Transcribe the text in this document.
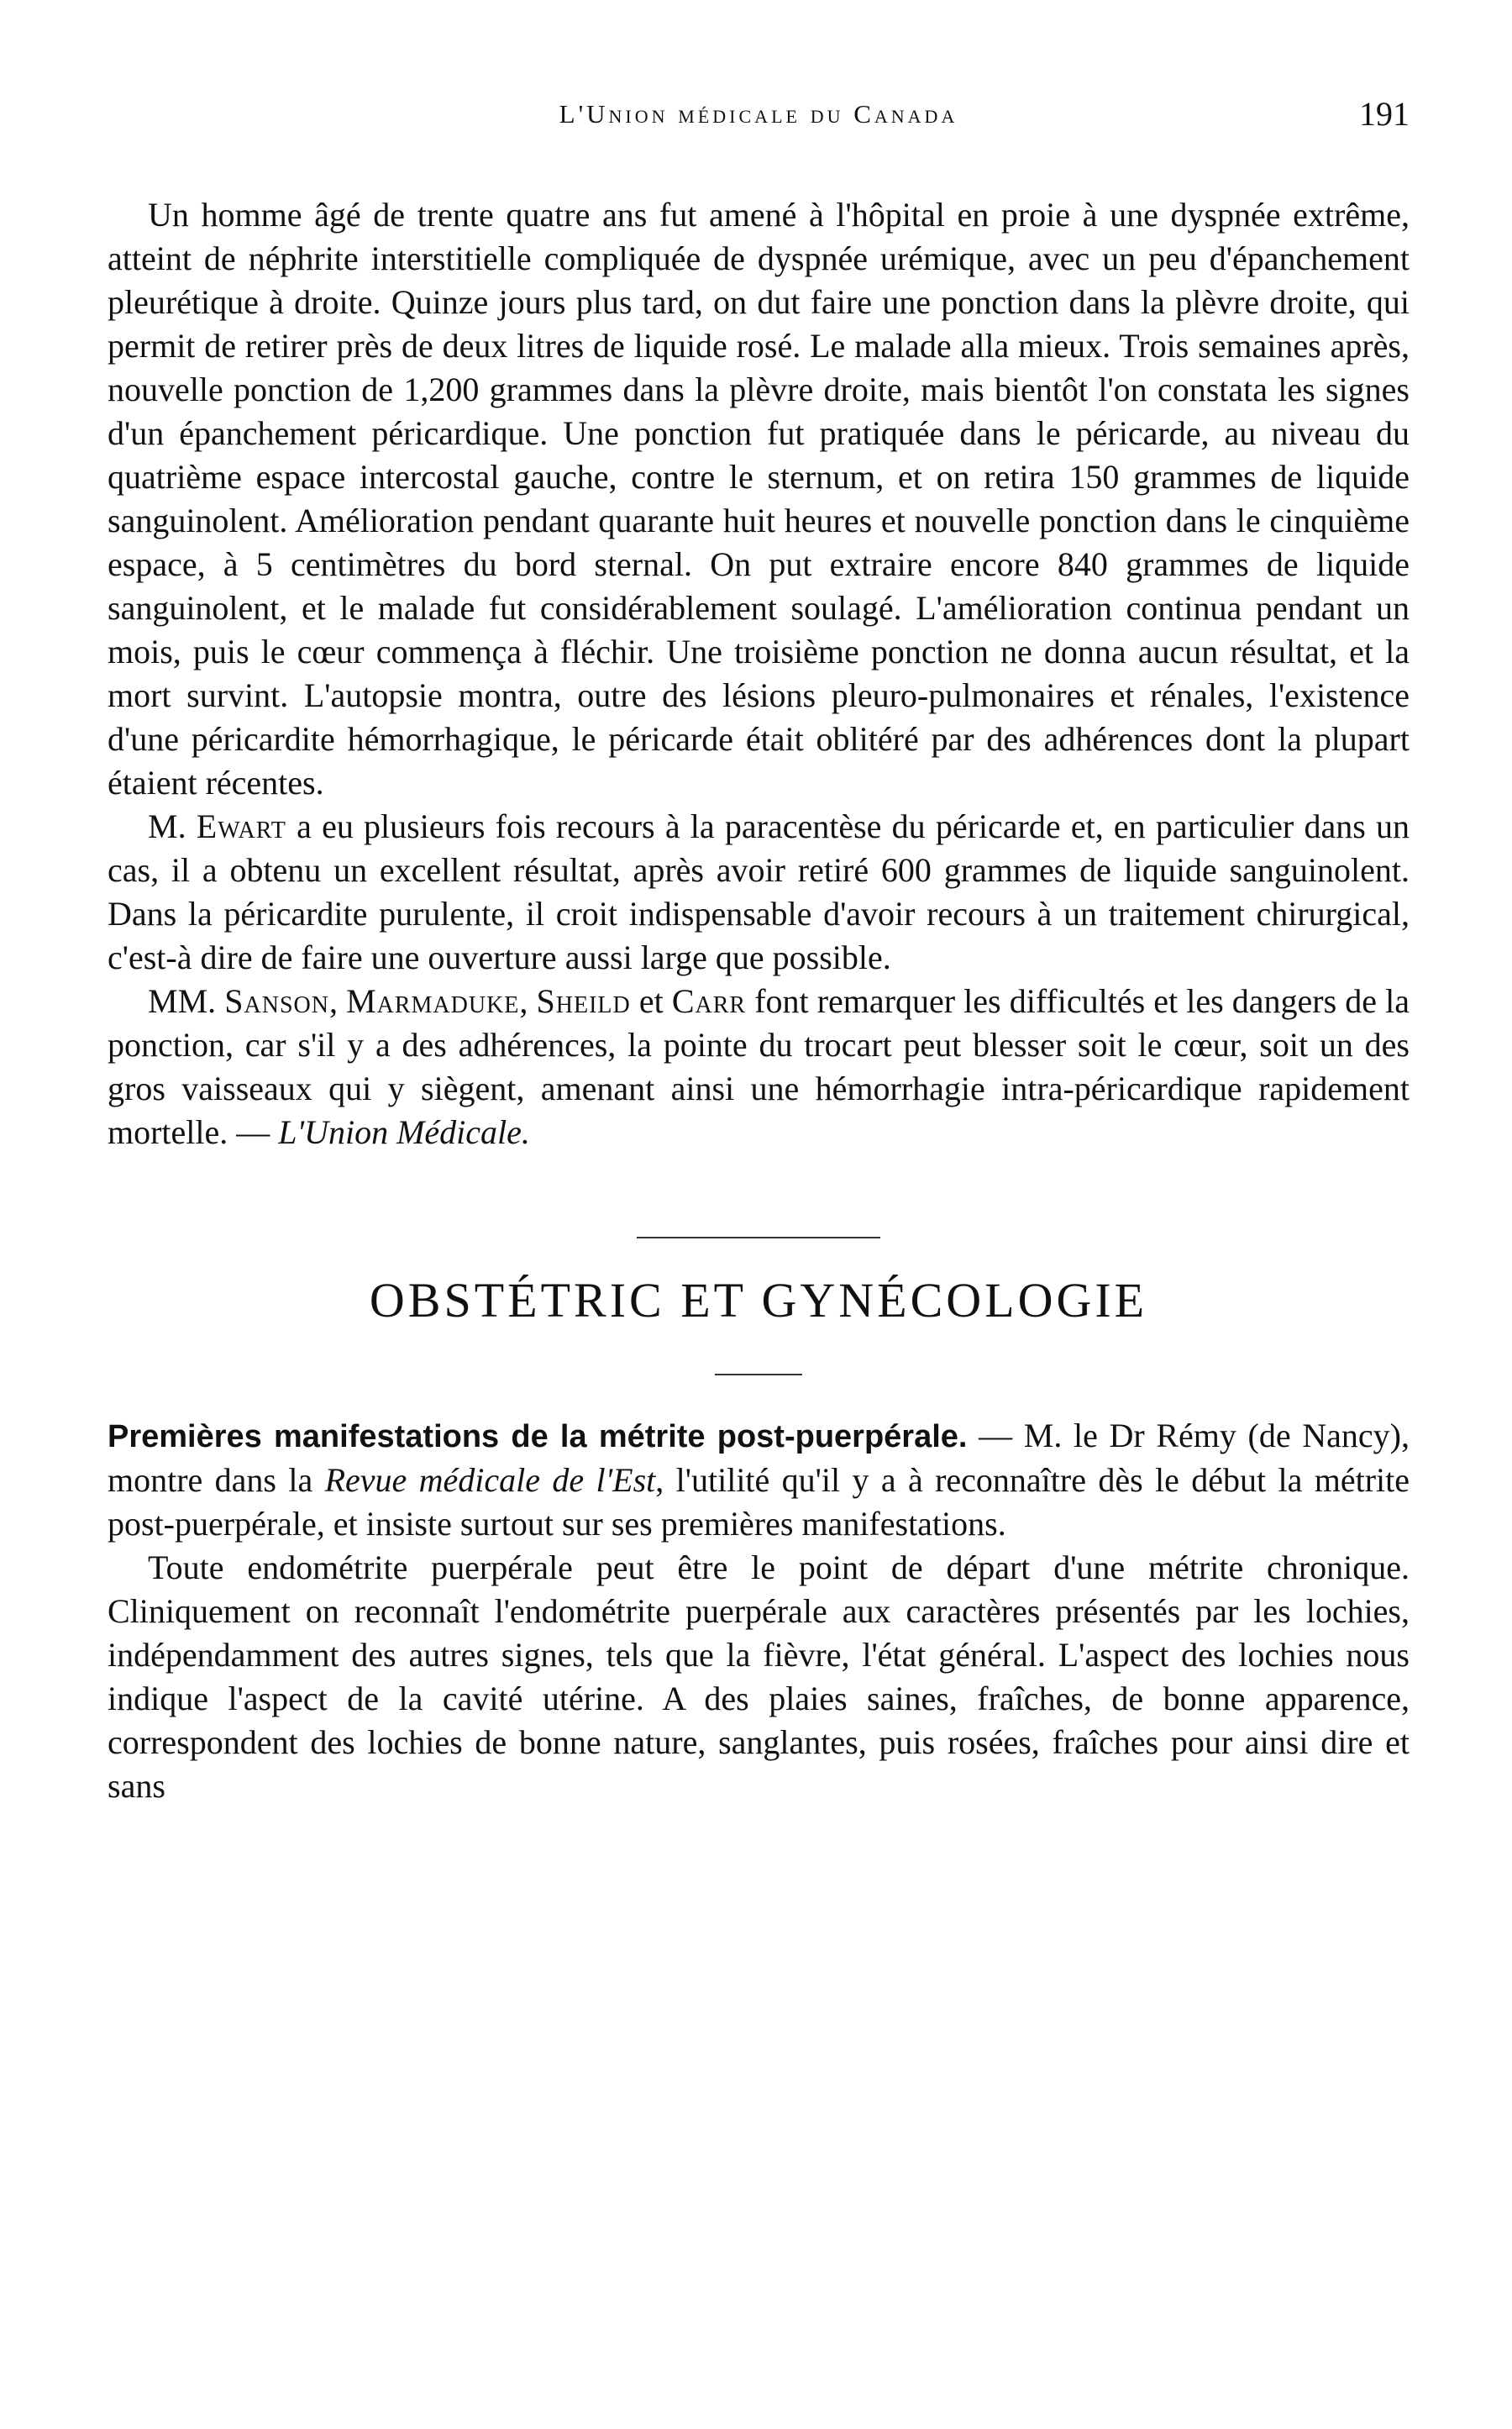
L'Union médicale du Canada	191

Un homme âgé de trente quatre ans fut amené à l'hôpital en proie à une dyspnée extrême, atteint de néphrite interstitielle compliquée de dyspnée urémique, avec un peu d'épanchement pleurétique à droite. Quinze jours plus tard, on dut faire une ponction dans la plèvre droite, qui permit de retirer près de deux litres de liquide rosé. Le malade alla mieux. Trois semaines après, nouvelle ponction de 1,200 grammes dans la plèvre droite, mais bientôt l'on constata les signes d'un épanchement péricardique. Une ponction fut pratiquée dans le péricarde, au niveau du quatrième espace intercostal gauche, contre le sternum, et on retira 150 grammes de liquide sanguinolent. Amélioration pendant quarante huit heures et nouvelle ponction dans le cinquième espace, à 5 centimètres du bord sternal. On put extraire encore 840 grammes de liquide sanguinolent, et le malade fut considérablement soulagé. L'amélioration continua pendant un mois, puis le cœur commença à fléchir. Une troisième ponction ne donna aucun résultat, et la mort survint. L'autopsie montra, outre des lésions pleuro-pulmonaires et rénales, l'existence d'une péricardite hémorrhagique, le péricarde était oblitéré par des adhérences dont la plupart étaient récentes.

M. Ewart a eu plusieurs fois recours à la paracentèse du péricarde et, en particulier dans un cas, il a obtenu un excellent résultat, après avoir retiré 600 grammes de liquide sanguinolent. Dans la péricardite purulente, il croit indispensable d'avoir recours à un traitement chirurgical, c'est-à dire de faire une ouverture aussi large que possible.

MM. Sanson, Marmaduke, Sheild et Carr font remarquer les difficultés et les dangers de la ponction, car s'il y a des adhérences, la pointe du trocart peut blesser soit le cœur, soit un des gros vaisseaux qui y siègent, amenant ainsi une hémorrhagie intra-péricardique rapidement mortelle. — L'Union Médicale.

OBSTÉTRIC ET GYNÉCOLOGIE

Premières manifestations de la métrite post-puerpérale. — M. le Dr Rémy (de Nancy), montre dans la Revue médicale de l'Est, l'utilité qu'il y a à reconnaître dès le début la métrite post-puerpérale, et insiste surtout sur ses premières manifestations.

Toute endométrite puerpérale peut être le point de départ d'une métrite chronique. Cliniquement on reconnaît l'endométrite puerpérale aux caractères présentés par les lochies, indépendamment des autres signes, tels que la fièvre, l'état général. L'aspect des lochies nous indique l'aspect de la cavité utérine. A des plaies saines, fraîches, de bonne apparence, correspondent des lochies de bonne nature, sanglantes, puis rosées, fraîches pour ainsi dire et sans
